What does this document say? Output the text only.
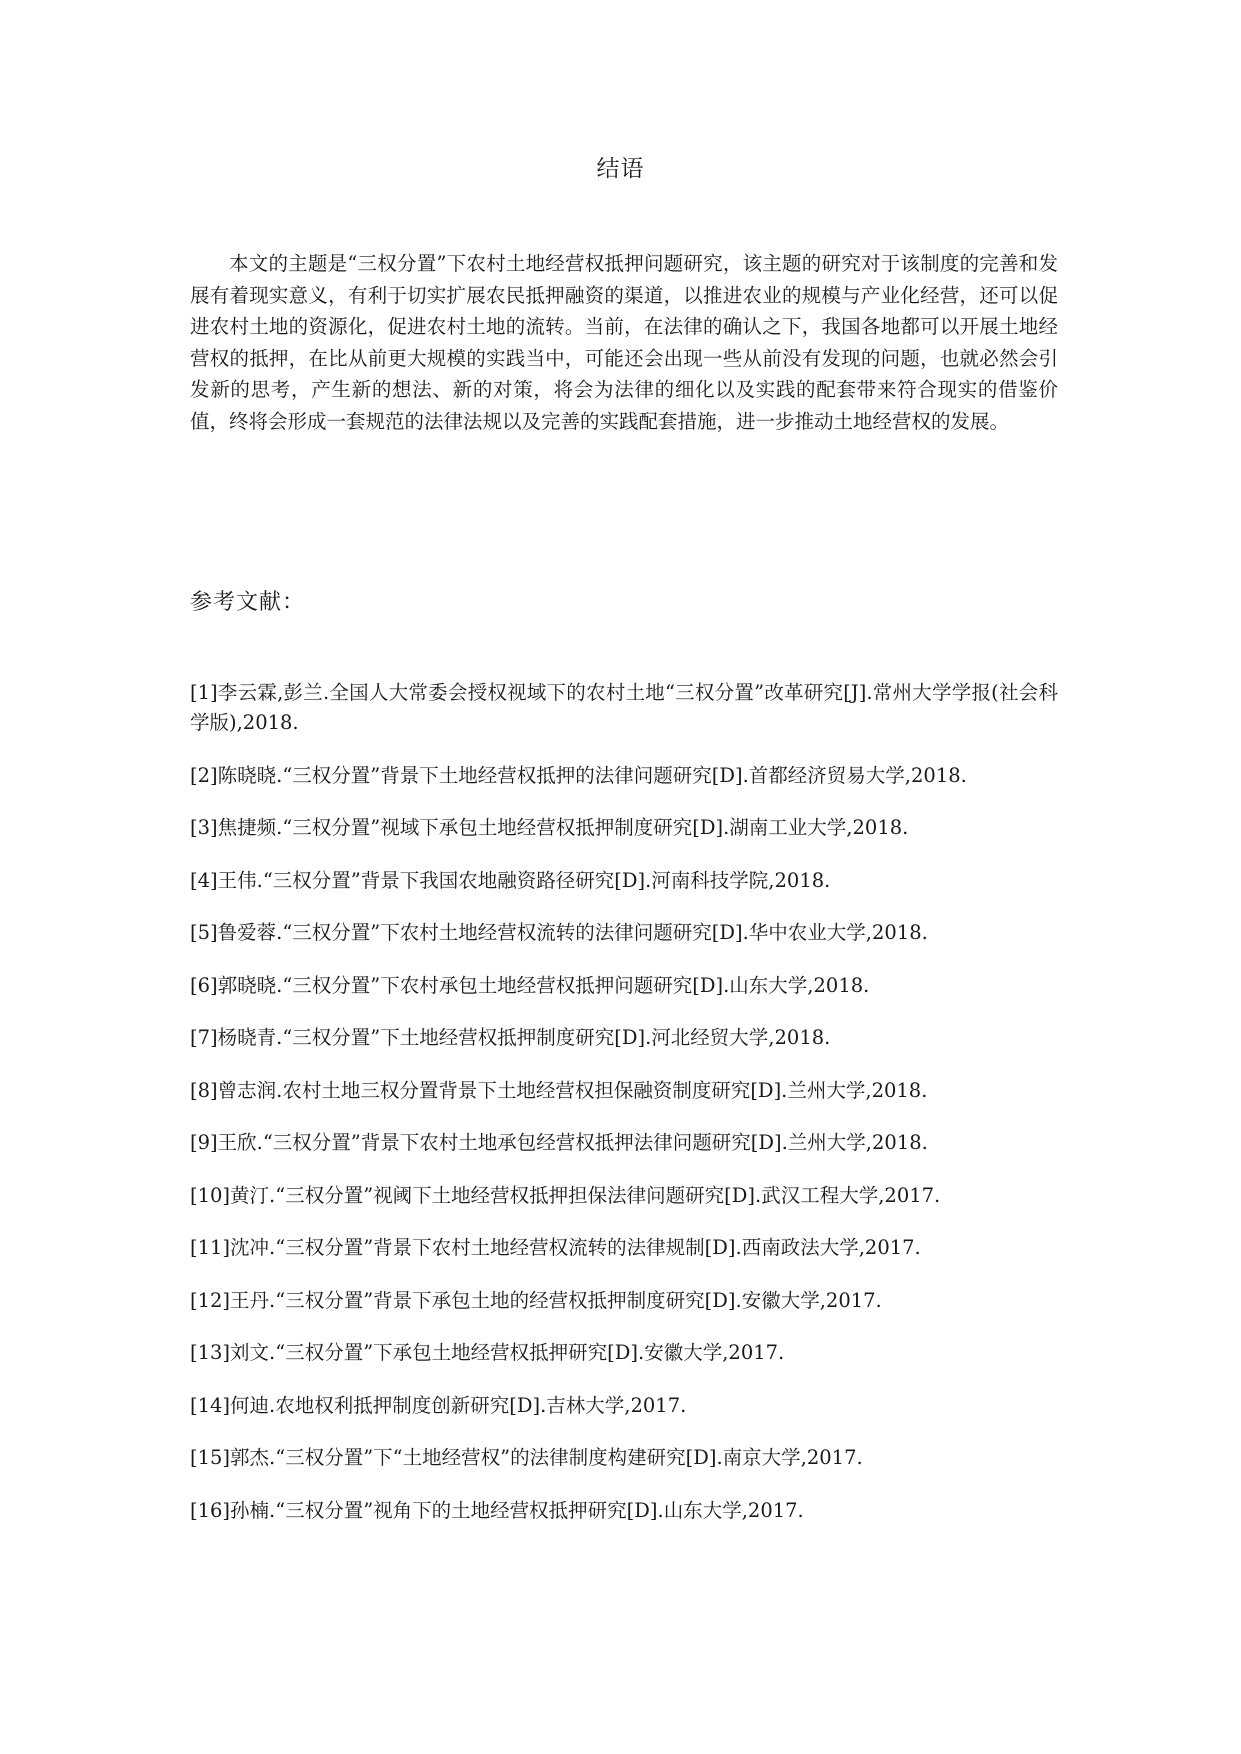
结语

本文的主题是“三权分置”下农村土地经营权抵押问题研究，该主题的研究对于该制度的完善和发展有着现实意义，有利于切实扩展农民抵押融资的渠道，以推进农业的规模与产业化经营，还可以促进农村土地的资源化，促进农村土地的流转。当前，在法律的确认之下，我国各地都可以开展土地经营权的抵押，在比从前更大规模的实践当中，可能还会出现一些从前没有发现的问题，也就必然会引发新的思考，产生新的想法、新的对策，将会为法律的细化以及实践的配套带来符合现实的借鉴价值，终将会形成一套规范的法律法规以及完善的实践配套措施，进一步推动土地经营权的发展。

参考文献：
[1]李云霖,彭兰.全国人大常委会授权视域下的农村土地“三权分置”改革研究[J].常州大学学报(社会科学版),2018.
[2]陈晓晓.“三权分置”背景下土地经营权抵押的法律问题研究[D].首都经济贸易大学,2018.
[3]焦捷频.“三权分置”视域下承包土地经营权抵押制度研究[D].湖南工业大学,2018.
[4]王伟.“三权分置”背景下我国农地融资路径研究[D].河南科技学院,2018.
[5]鲁爱蓉.“三权分置”下农村土地经营权流转的法律问题研究[D].华中农业大学,2018.
[6]郭晓晓.“三权分置”下农村承包土地经营权抵押问题研究[D].山东大学,2018.
[7]杨晓青.“三权分置”下土地经营权抵押制度研究[D].河北经贸大学,2018.
[8]曾志润.农村土地三权分置背景下土地经营权担保融资制度研究[D].兰州大学,2018.
[9]王欣.“三权分置”背景下农村土地承包经营权抵押法律问题研究[D].兰州大学,2018.
[10]黄汀.“三权分置”视阈下土地经营权抵押担保法律问题研究[D].武汉工程大学,2017.
[11]沈冲.“三权分置”背景下农村土地经营权流转的法律规制[D].西南政法大学,2017.
[12]王丹.“三权分置”背景下承包土地的经营权抵押制度研究[D].安徽大学,2017.
[13]刘文.“三权分置”下承包土地经营权抵押研究[D].安徽大学,2017.
[14]何迪.农地权利抵押制度创新研究[D].吉林大学,2017.
[15]郭杰.“三权分置”下“土地经营权”的法律制度构建研究[D].南京大学,2017.
[16]孙楠.“三权分置”视角下的土地经营权抵押研究[D].山东大学,2017.
